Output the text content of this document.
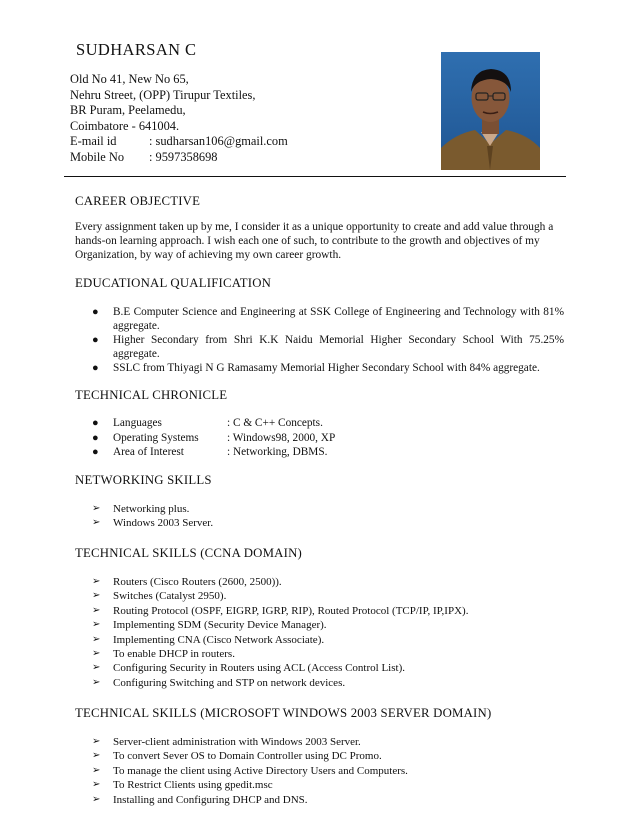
SUDHARSAN C
Old No 41, New No 65,
Nehru Street, (OPP) Tirupur Textiles,
BR Puram, Peelamedu,
Coimbatore - 641004.
E-mail id	: sudharsan106@gmail.com
Mobile No	: 9597358698
CAREER OBJECTIVE
Every assignment taken up by me, I consider it as a unique opportunity to create and add value through a hands-on learning approach. I wish each one of such, to contribute to the growth and objectives of my Organization, by way of achieving my own career growth.
EDUCATIONAL QUALIFICATION
● B.E Computer Science and Engineering at SSK College of Engineering and Technology with 81% aggregate.
● Higher Secondary from Shri K.K Naidu Memorial Higher Secondary School With 75.25% aggregate.
● SSLC from Thiyagi N G Ramasamy Memorial Higher Secondary School with 84% aggregate.
TECHNICAL CHRONICLE
● Languages	: C & C++ Concepts.
● Operating Systems	: Windows98, 2000, XP
● Area of Interest	: Networking, DBMS.
NETWORKING SKILLS
➢ Networking plus.
➢ Windows 2003 Server.
TECHNICAL SKILLS (CCNA DOMAIN)
➢ Routers (Cisco Routers (2600, 2500)).
➢ Switches (Catalyst 2950).
➢ Routing Protocol (OSPF, EIGRP, IGRP, RIP), Routed Protocol (TCP/IP, IP,IPX).
➢ Implementing SDM (Security Device Manager).
➢ Implementing CNA (Cisco Network Associate).
➢ To enable DHCP in routers.
➢ Configuring Security in Routers using ACL (Access Control List).
➢ Configuring Switching and STP on network devices.
TECHNICAL SKILLS (MICROSOFT WINDOWS 2003 SERVER DOMAIN)
➢ Server-client administration with Windows 2003 Server.
➢ To convert Sever OS to Domain Controller using DC Promo.
➢ To manage the client using Active Directory Users and Computers.
➢ To Restrict Clients using gpedit.msc
➢ Installing and Configuring DHCP and DNS.
